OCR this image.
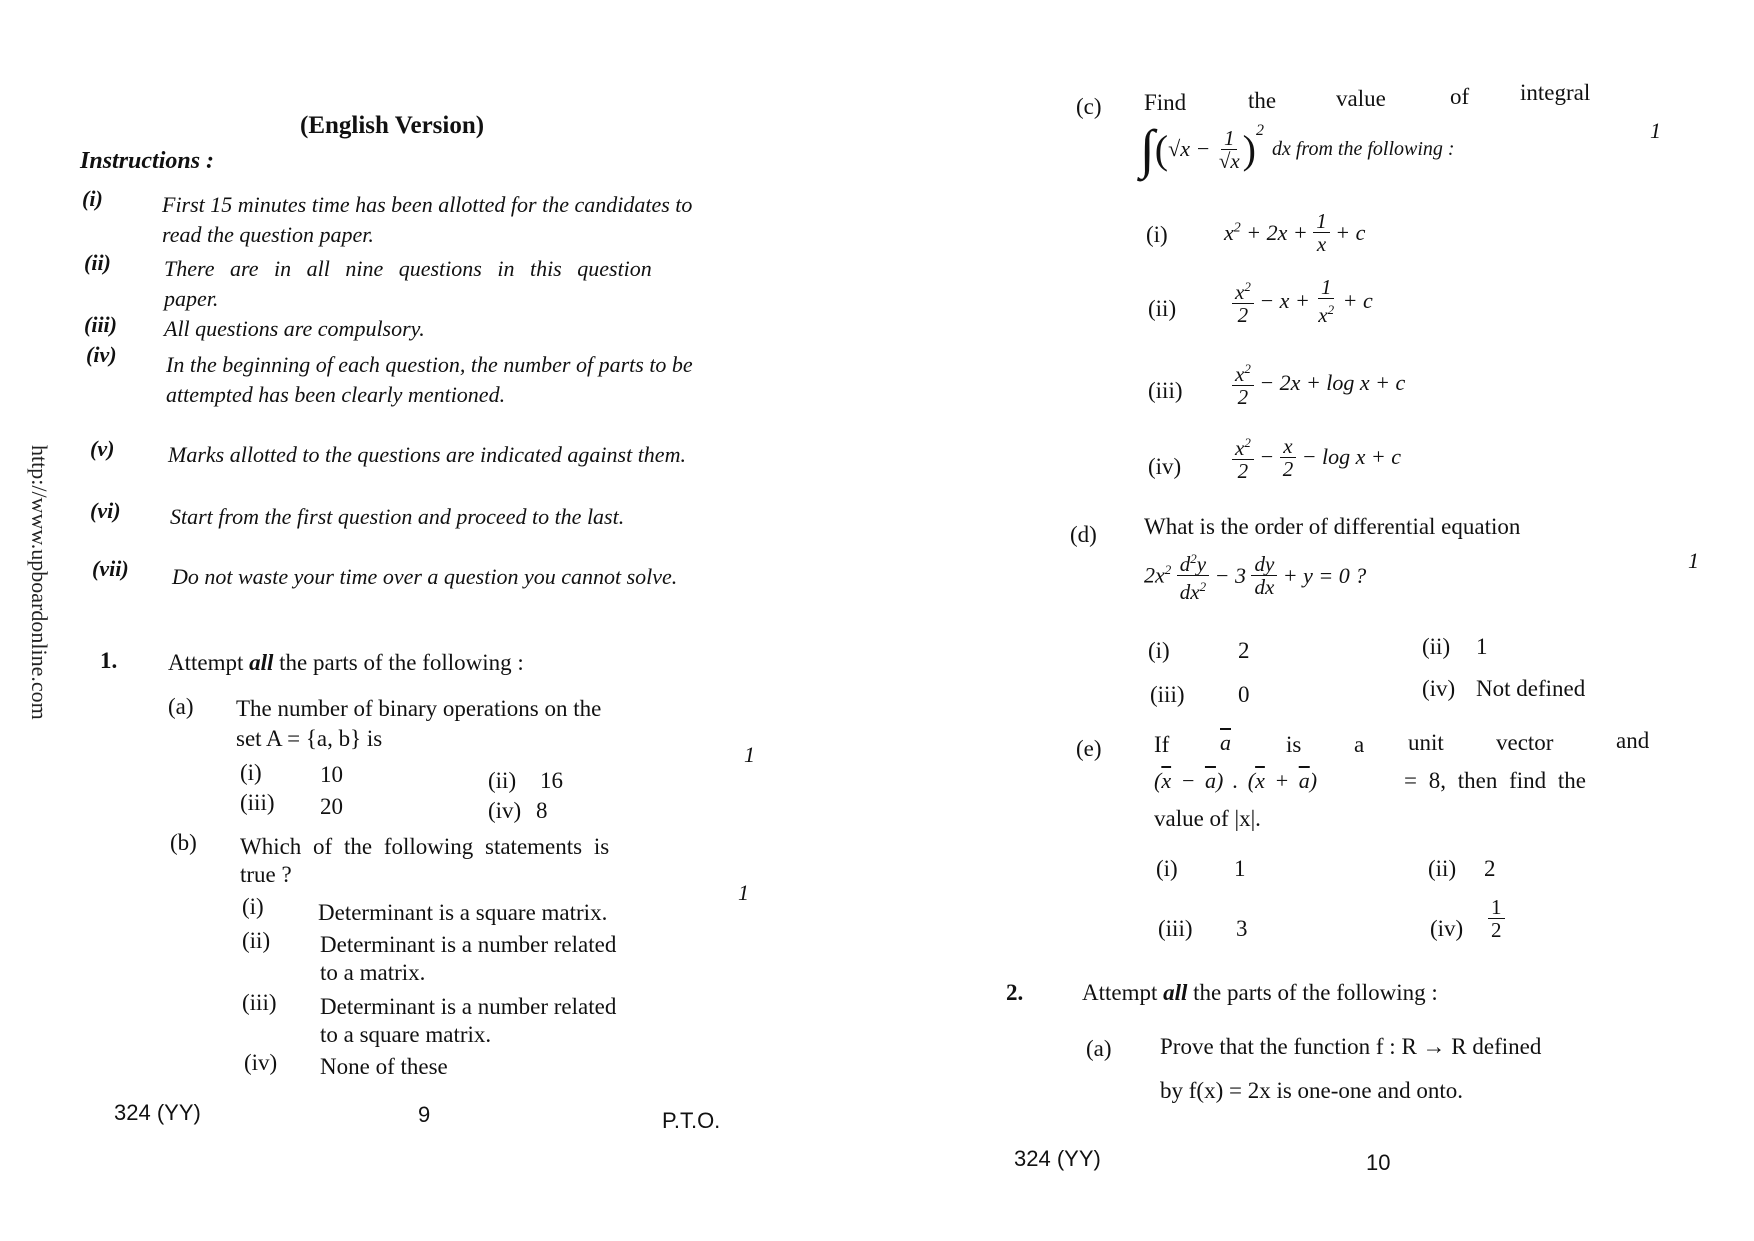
http://www.upboardonline.com
(English Version)
Instructions :
(i)	First 15 minutes time has been allotted for the candidates to read the question paper.
(ii) There are in all nine questions in this question paper.
(iii) All questions are compulsory.
(iv) In the beginning of each question, the number of parts to be attempted has been clearly mentioned.
(v) Marks allotted to the questions are indicated against them.
(vi) Start from the first question and proceed to the last.
(vii) Do not waste your time over a question you cannot solve.
1. Attempt all the parts of the following :
(a) The number of binary operations on the
set A = {a, b} is
1
(i)	10	(ii) 16
(iii) 20	(iv) 8
(b) Which of the following statements is
true ?
1
(i) Determinant is a square matrix.
(ii) Determinant is a number related
to a matrix.
(iii) Determinant is a number related
to a square matrix.
(iv) None of these
324 (YY)	9	P.T.O.
(c) Find	the	value	of integral
∫ ( $√x - \frac{1}{√x}$ ) 2
dx from the following :
1
(i)	$x^2 + 2x + \frac{1}{x} + c$
(ii)	$\frac{x^2}{2} - x + \frac{1}{x^2} + c$
$(iii) \frac{x^2}{2} - 2x + \log x + c$
$(iv) \frac{x^2}{2} - \frac{x}{2} - \log x + c$
(d) What is the order of differential equation
$2x^2 \frac{d^2y}{dx^2} - 3 \frac{dy}{dx} + y = 0$ ?
1
(i)	2	(ii) 1
(iii) 0	(iv) Not defined
(e) If $\overline{a}$ is a unit vector	and
$(\overline{x} - \overline{a})$ . $(\overline{x} + \overline{a})$	= 8, then find the
value of |x|.
(i) 1	(ii) 2
(iii) 3	$(iv) \frac{1}{2}$
2.	Attempt all the parts of the following :
(a) Prove that the function f : R → R defined
by f(x) = 2x is one-one and onto.
324 (YY)	10
